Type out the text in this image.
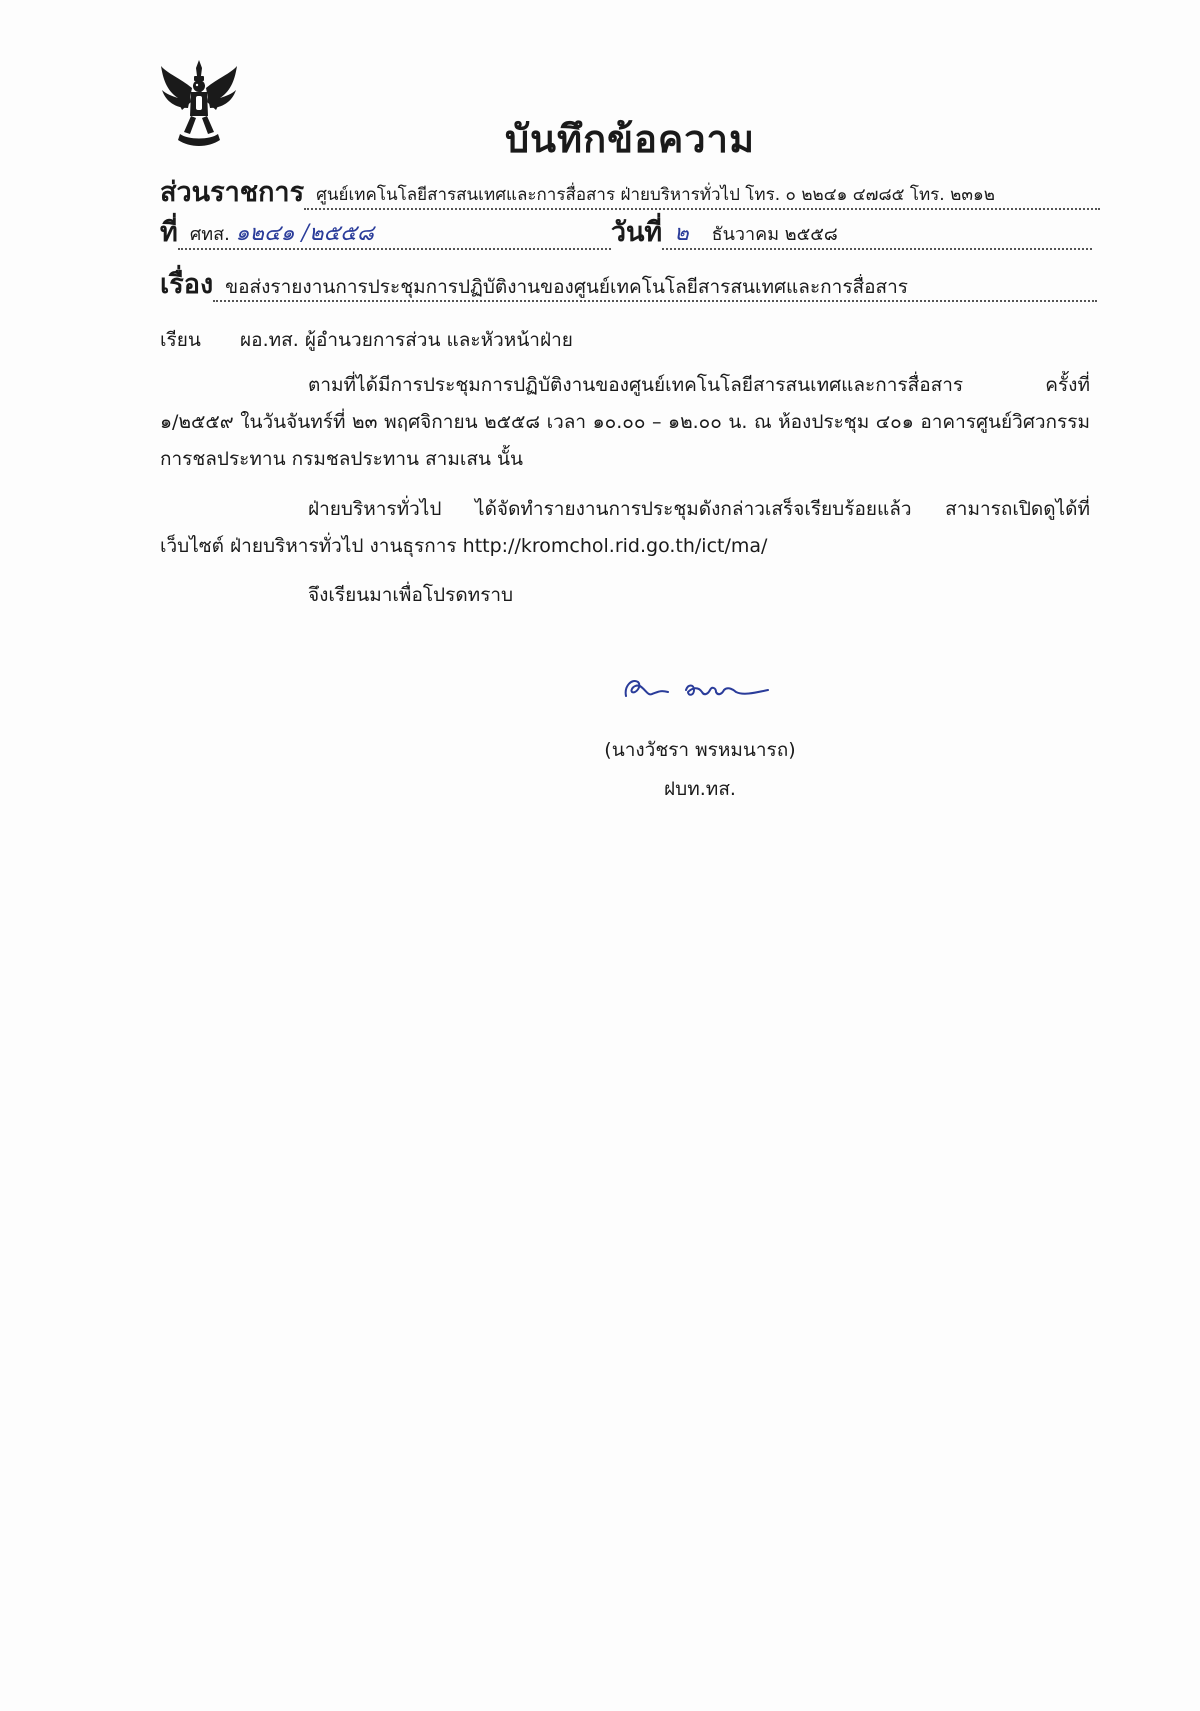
บันทึกข้อความ
ส่วนราชการ ศูนย์เทคโนโลยีสารสนเทศและการสื่อสาร ฝ่ายบริหารทั่วไป โทร. ๐ ๒๒๔๑ ๔๗๘๕ โทร. ๒๓๑๒
ที่ ศทส. ๑๒๔๑ /๒๕๕๘	วันที่ ๒ ธันวาคม ๒๕๕๘
เรื่อง ขอส่งรายงานการประชุมการปฏิบัติงานของศูนย์เทคโนโลยีสารสนเทศและการสื่อสาร
เรียน ผอ.ทส. ผู้อำนวยการส่วน และหัวหน้าฝ่าย
ตามที่ได้มีการประชุมการปฏิบัติงานของศูนย์เทคโนโลยีสารสนเทศและการสื่อสาร ครั้งที่ ๑/๒๕๕๙ ในวันจันทร์ที่ ๒๓ พฤศจิกายน ๒๕๕๘ เวลา ๑๐.๐๐ – ๑๒.๐๐ น. ณ ห้องประชุม ๔๐๑ อาคารศูนย์วิศวกรรมการชลประทาน กรมชลประทาน สามเสน นั้น
ฝ่ายบริหารทั่วไป ได้จัดทำรายงานการประชุมดังกล่าวเสร็จเรียบร้อยแล้ว สามารถเปิดดูได้ที่เว็บไซต์ ฝ่ายบริหารทั่วไป งานธุรการ http://kromchol.rid.go.th/ict/ma/
จึงเรียนมาเพื่อโปรดทราบ
(นางวัชรา พรหมนารถ)
ฝบท.ทส.
